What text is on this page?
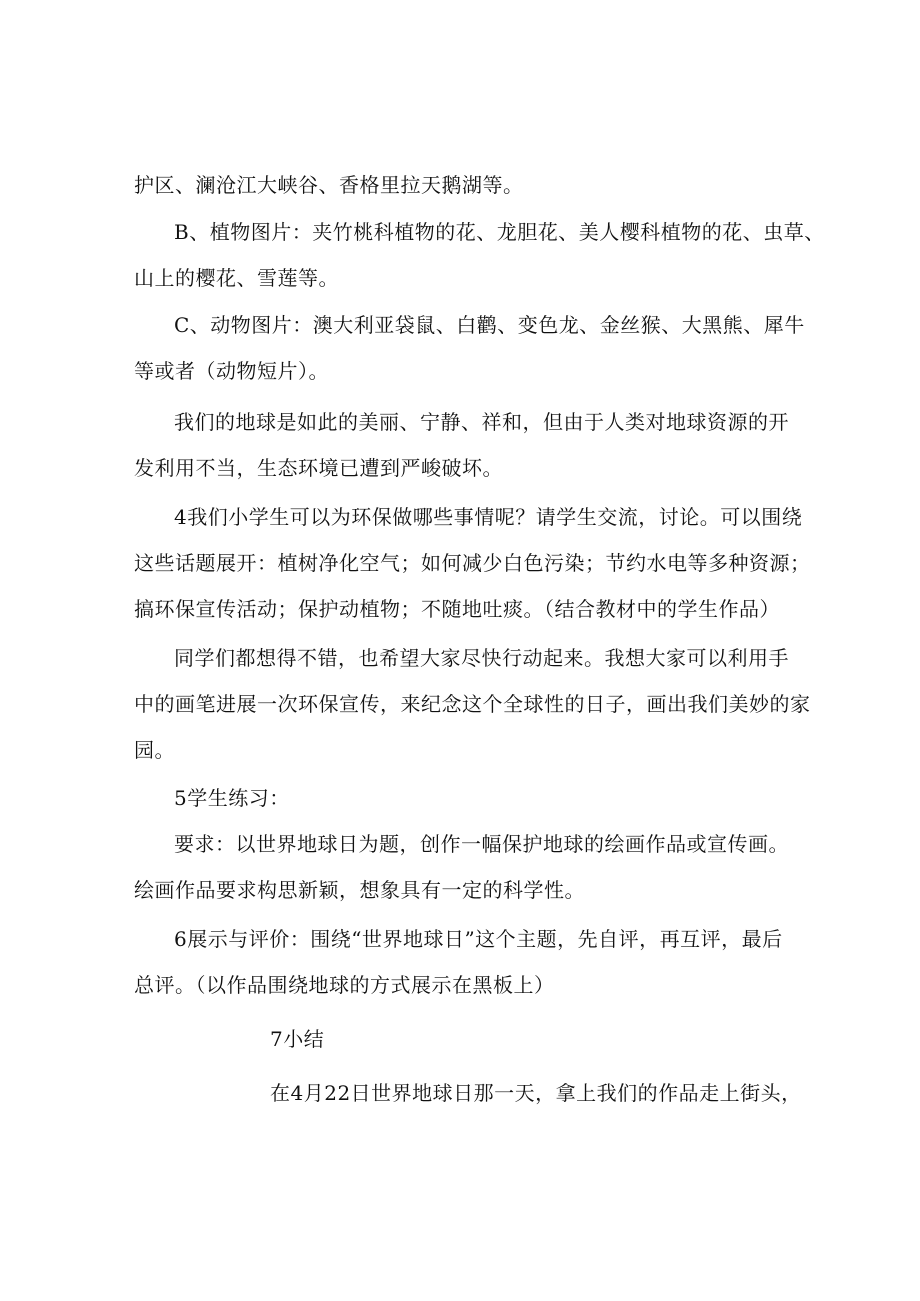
护区、澜沧江大峡谷、香格里拉天鹅湖等。
B、植物图片：夹竹桃科植物的花、龙胆花、美人樱科植物的花、虫草、
山上的樱花、雪莲等。
C、动物图片：澳大利亚袋鼠、白鹳、变色龙、金丝猴、大黑熊、犀牛
等或者（动物短片）。
我们的地球是如此的美丽、宁静、祥和，但由于人类对地球资源的开
发利用不当，生态环境已遭到严峻破坏。
4我们小学生可以为环保做哪些事情呢？请学生交流，讨论。可以围绕
这些话题展开：植树净化空气；如何减少白色污染；节约水电等多种资源；
搞环保宣传活动；保护动植物；不随地吐痰。（结合教材中的学生作品）
同学们都想得不错，也希望大家尽快行动起来。我想大家可以利用手
中的画笔进展一次环保宣传，来纪念这个全球性的日子，画出我们美妙的家
园。
5学生练习：
要求：以世界地球日为题，创作一幅保护地球的绘画作品或宣传画。
绘画作品要求构思新颖，想象具有一定的科学性。
6展示与评价：围绕“世界地球日”这个主题，先自评，再互评，最后
总评。（以作品围绕地球的方式展示在黑板上）
7小结
在4月22日世界地球日那一天，拿上我们的作品走上街头，
